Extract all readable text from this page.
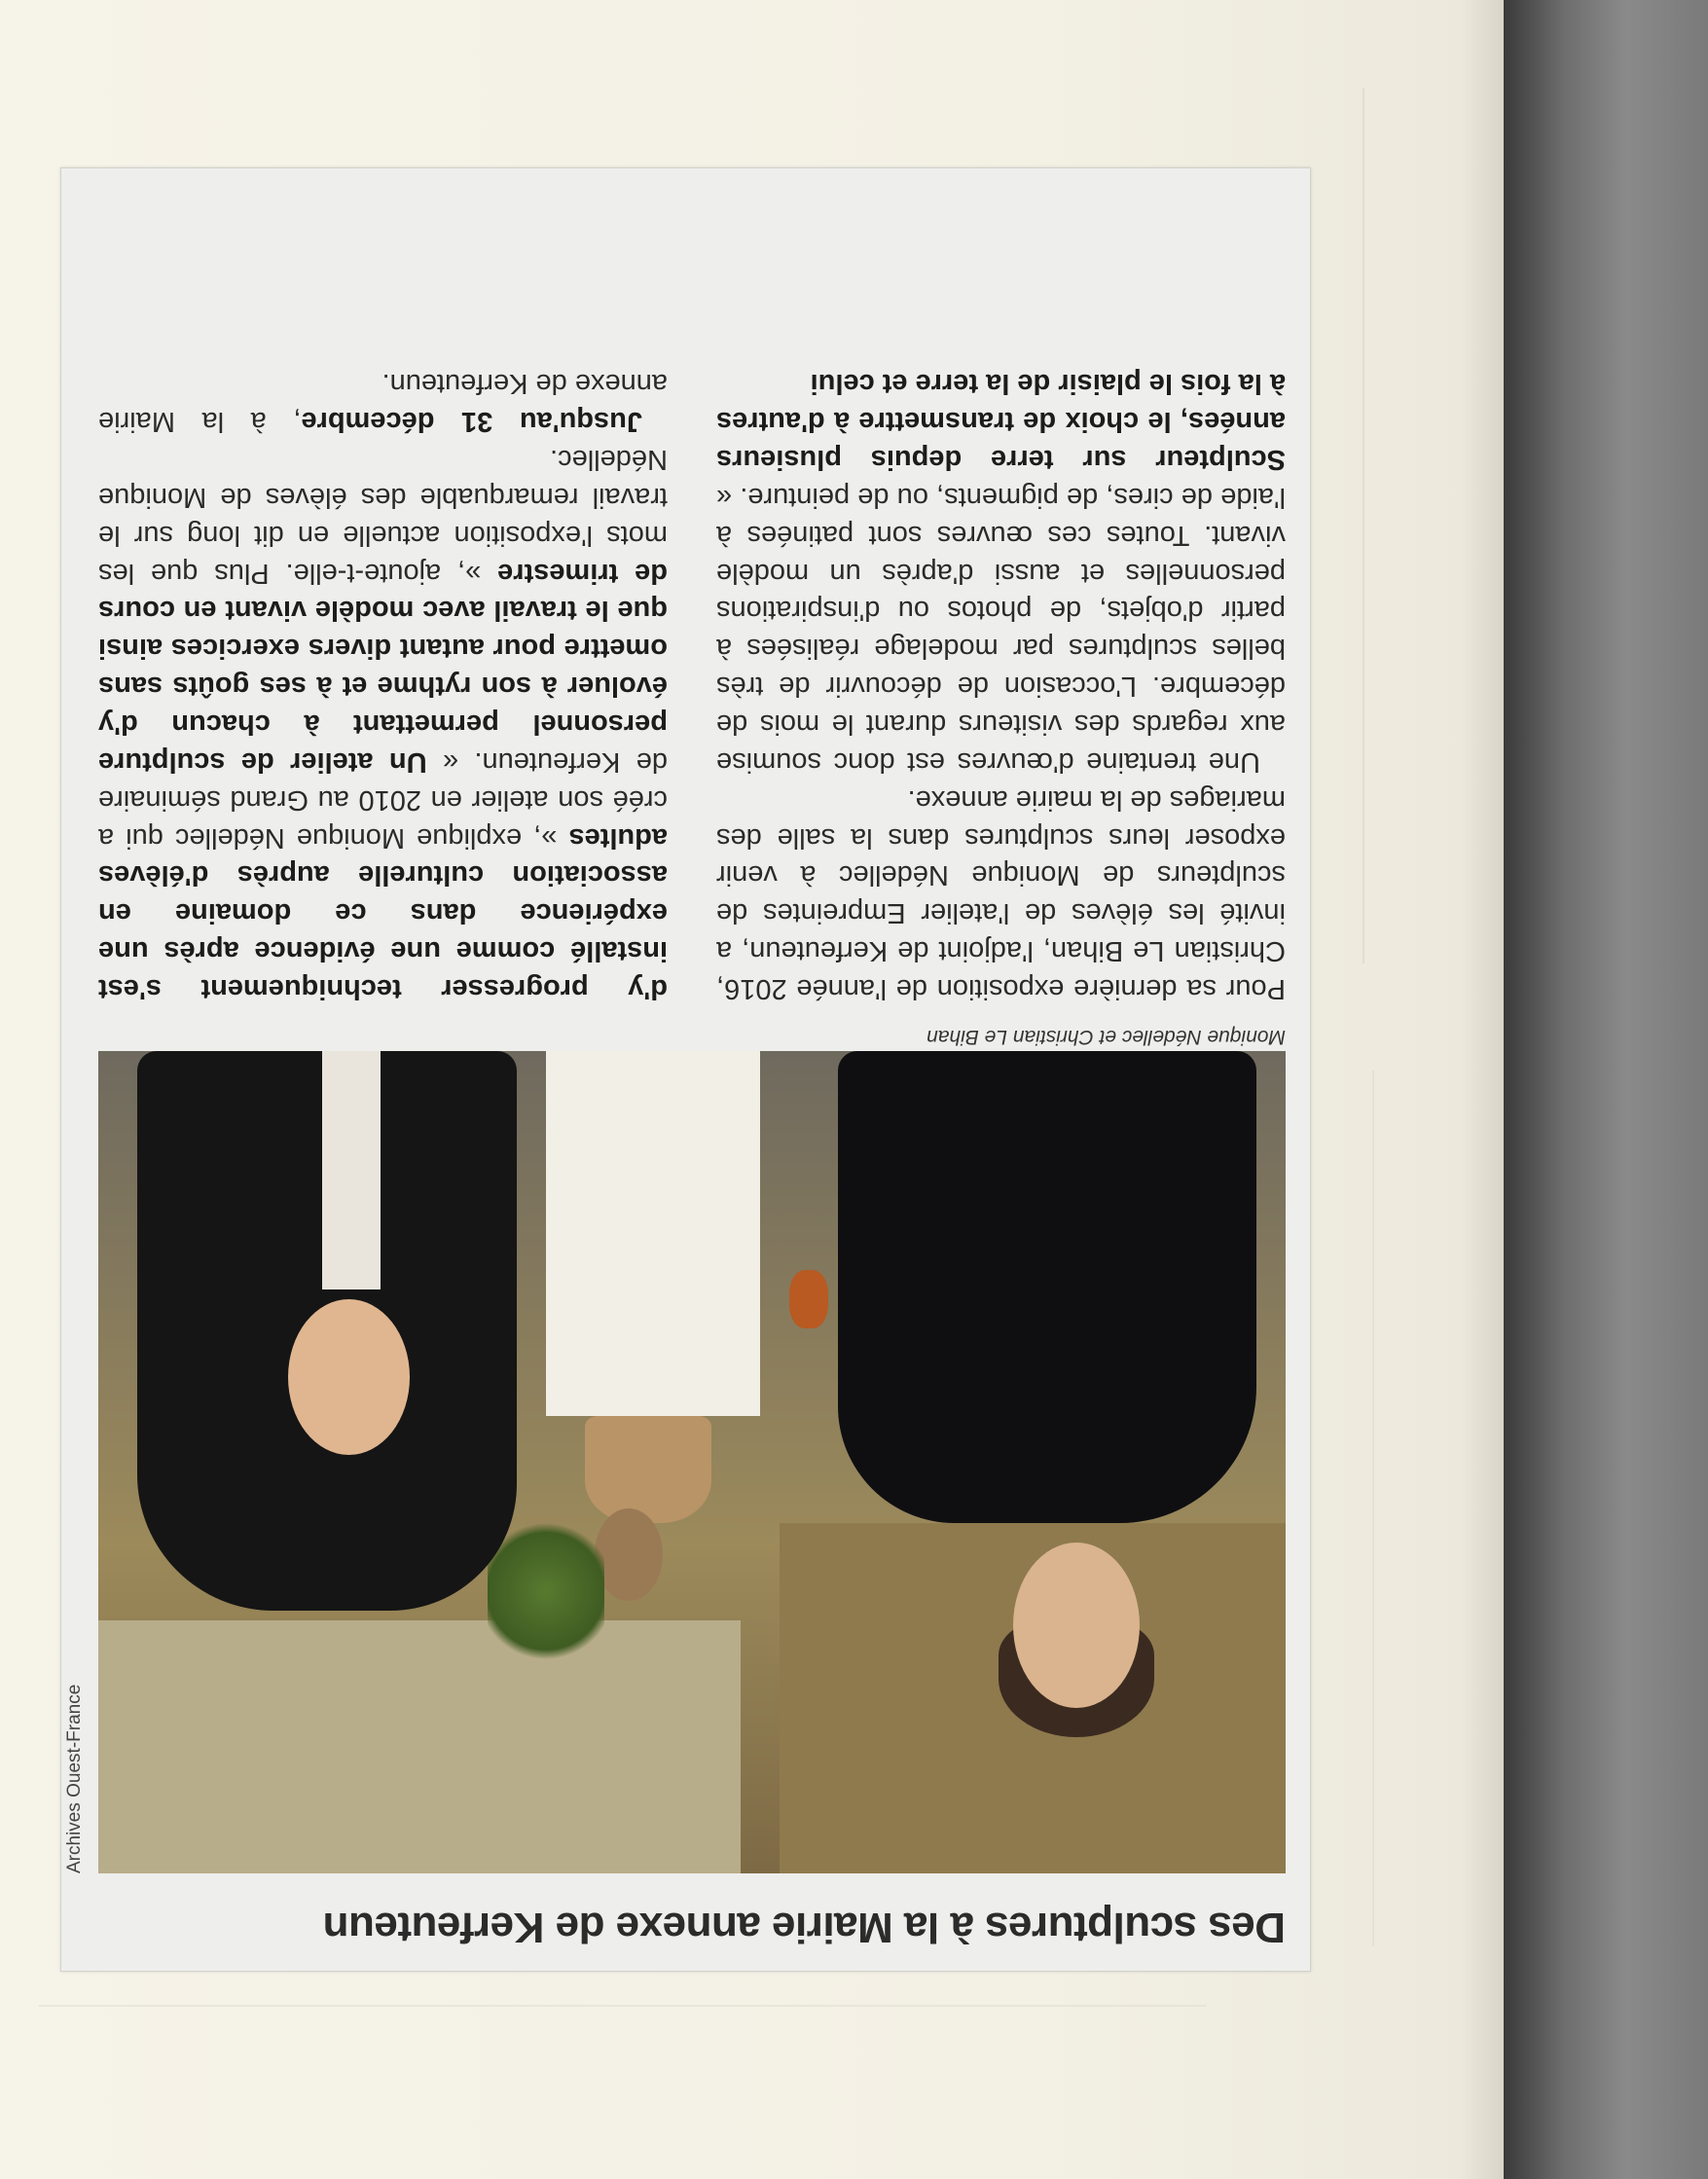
Des sculptures à la Mairie annexe de Kerfeuteun

Archives Ouest-France

Monique Nédellec et Christian Le Bihan

Pour sa dernière exposition de l'année 2016, Christian Le Bihan, l'adjoint de Kerfeuteun, a invité les élèves de l'atelier Empreintes de sculpteurs de Monique Nédellec à venir exposer leurs sculptures dans la salle des mariages de la mairie annexe.

Une trentaine d'œuvres est donc soumise aux regards des visiteurs durant le mois de décembre. L'occasion de découvrir de très belles sculptures par modelage réalisées à partir d'objets, de photos ou d'inspirations personnelles et aussi d'après un modèle vivant. Toutes ces œuvres sont patinées à l'aide de cires, de pigments, ou de peinture. « Sculpteur sur terre depuis plusieurs années, le choix de transmettre à d'autres à la fois le plaisir de la terre et celui

d'y progresser techniquement s'est installé comme une évidence après une expérience dans ce domaine en association culturelle auprès d'élèves adultes », explique Monique Nédellec qui a créé son atelier en 2010 au Grand séminaire de Kerfeuteun. « Un atelier de sculpture personnel permettant à chacun d'y évoluer à son rythme et à ses goûts sans omettre pour autant divers exercices ainsi que le travail avec modèle vivant en cours de trimestre », ajoute-t-elle. Plus que les mots l'exposition actuelle en dit long sur le travail remarquable des élèves de Monique Nédellec.

Jusqu'au 31 décembre, à la Mairie annexe de Kerfeuteun.
